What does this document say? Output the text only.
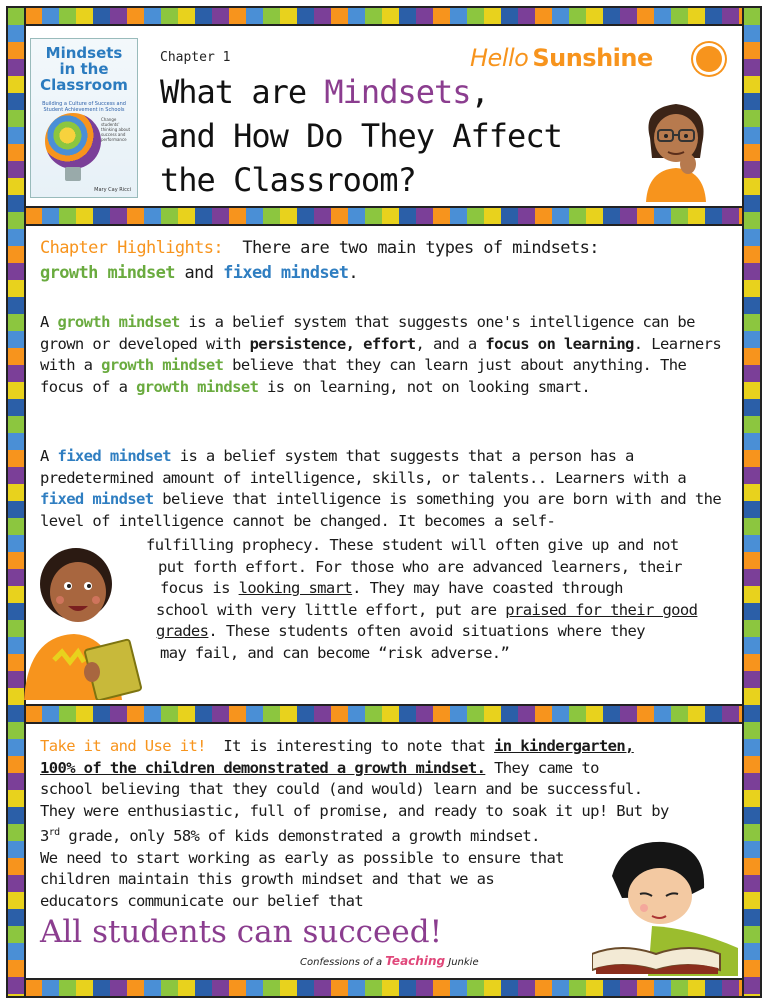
Mindsets
in the
Classroom
Building a Culture of Success and Student Achievement in Schools
Change students' thinking about success and performance
Mary Cay Ricci
Chapter 1
What are Mindsets,
and How Do They Affect
the Classroom?
Hello Sunshine
Chapter Highlights: There are two main types of mindsets:
growth mindset and fixed mindset.
A growth mindset is a belief system that suggests one's intelligence can be grown or developed with persistence, effort, and a focus on learning. Learners with a growth mindset believe that they can learn just about anything. The focus of a growth mindset is on learning, not on looking smart.
A fixed mindset is a belief system that suggests that a person has a predetermined amount of intelligence, skills, or talents.. Learners with a fixed mindset believe that intelligence is something you are born with and the level of intelligence cannot be changed. It becomes a self-
fulfilling prophecy. These student will often give up and not
put forth effort. For those who are advanced learners, their
focus is looking smart. They may have coasted through
school with very little effort, put are praised for their good
grades. These students often avoid situations where they
may fail, and can become “risk adverse.”
Take it and Use it! It is interesting to note that in kindergarten,
100% of the children demonstrated a growth mindset. They came to
school believing that they could (and would) learn and be successful.
They were enthusiastic, full of promise, and ready to soak it up! But by
3rd grade, only 58% of kids demonstrated a growth mindset.
We need to start working as early as possible to ensure that
children maintain this growth mindset and that we as
educators communicate our belief that
All students can succeed!
Confessions of a Teaching Junkie
